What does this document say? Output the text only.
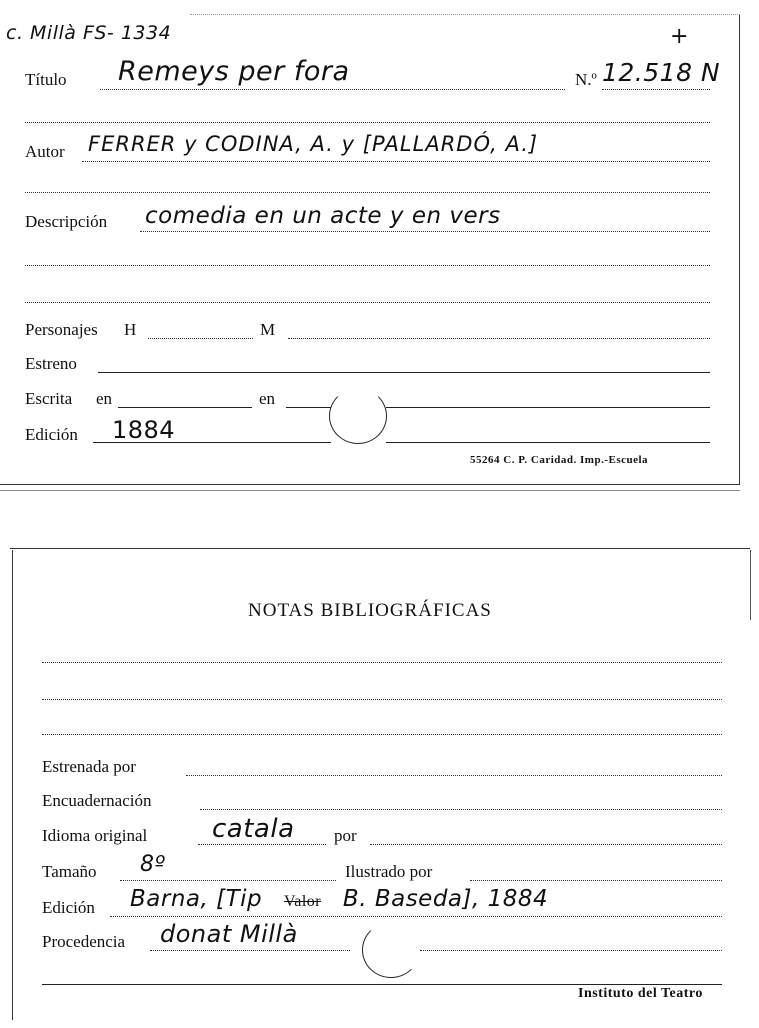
c. Millà FS- 1334	+
Título Remeys per fora	N.º 12.518 N
Autor FERRER y CODINA, A. y [PALLARDÓ, A.]
Descripción comedia en un acte y en vers
Personajes H	M
Estreno
Escrita en	en
Edición 1884
55264 C. P. Caridad. Imp.-Escuela
NOTAS BIBLIOGRÁFICAS
Estrenada por
Encuadernación
Idioma original catala por
Tamaño 8º	Ilustrado por
Edición Barna, [Tip Valor B. Baseda], 1884
Procedencia donat Millà
Instituto del Teatro
